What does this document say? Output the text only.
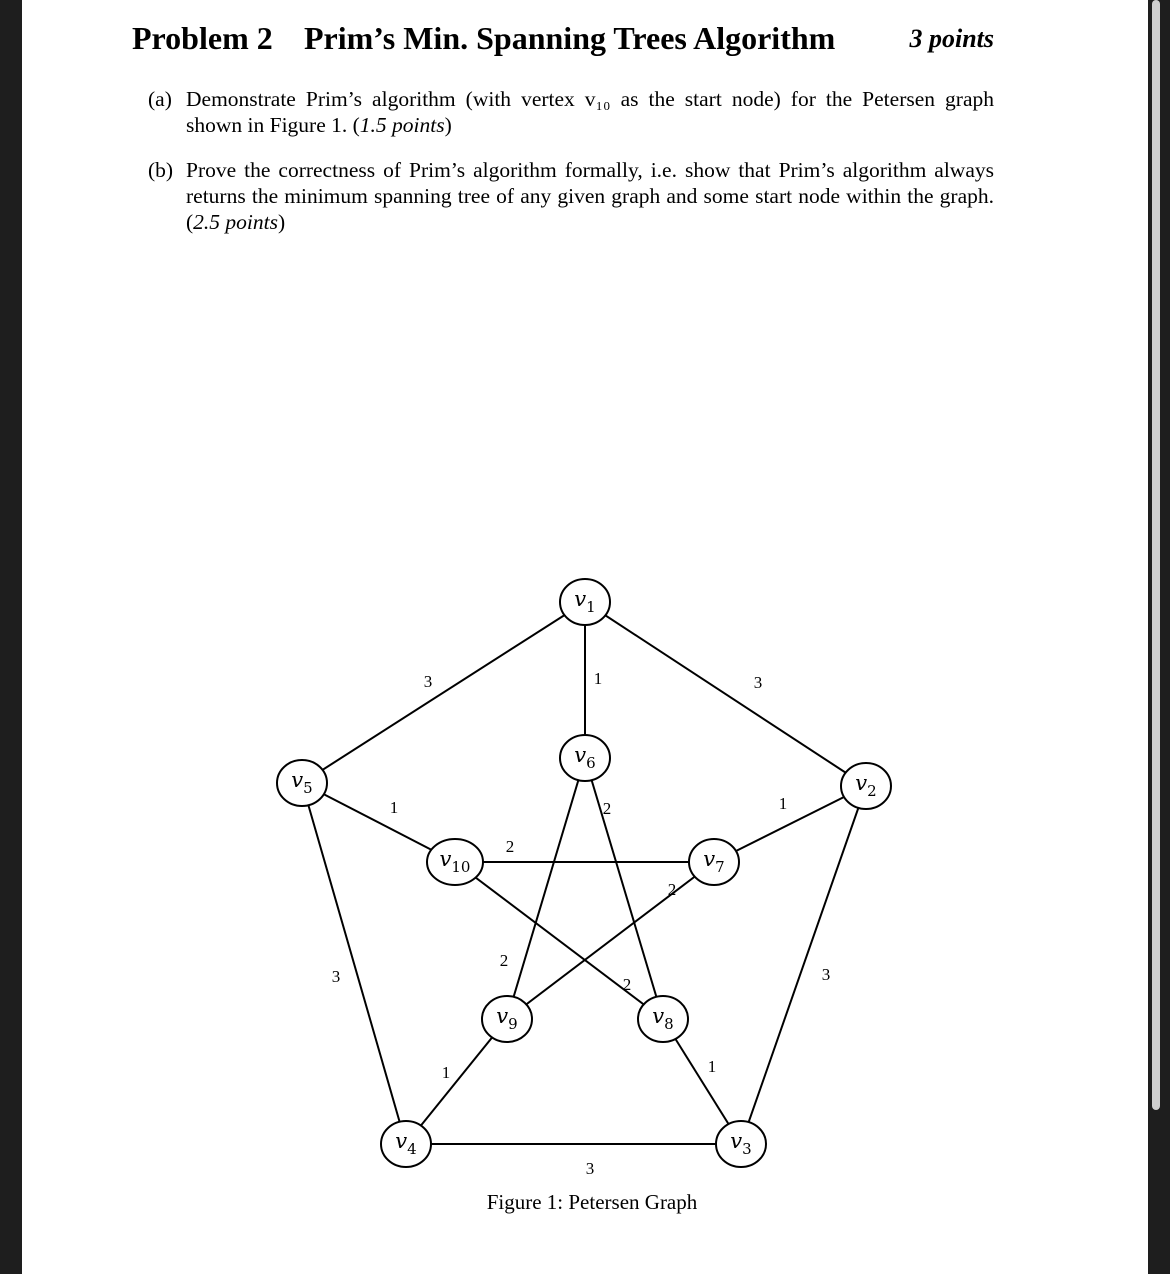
Problem 2 Prim’s Min. Spanning Trees Algorithm	3 points
(a) Demonstrate Prim’s algorithm (with vertex v₁₀ as the start node) for the Petersen graph
shown in Figure 1. (1.5 points)
(b) Prove the correctness of Prim’s algorithm formally, i.e. show that Prim’s algorithm always
returns the minimum spanning tree of any given graph and some start node within the graph.
(2.5 points)
3	3
1
1	1
3	3
3
1	1
2
2
2
2
2
$v_1$
$v_2$
$v_3$
$v_4$
$v_5$
$v_6$
$v_7$
$v_8$
$v_9$
$v_{10}$
Figure 1: Petersen Graph
